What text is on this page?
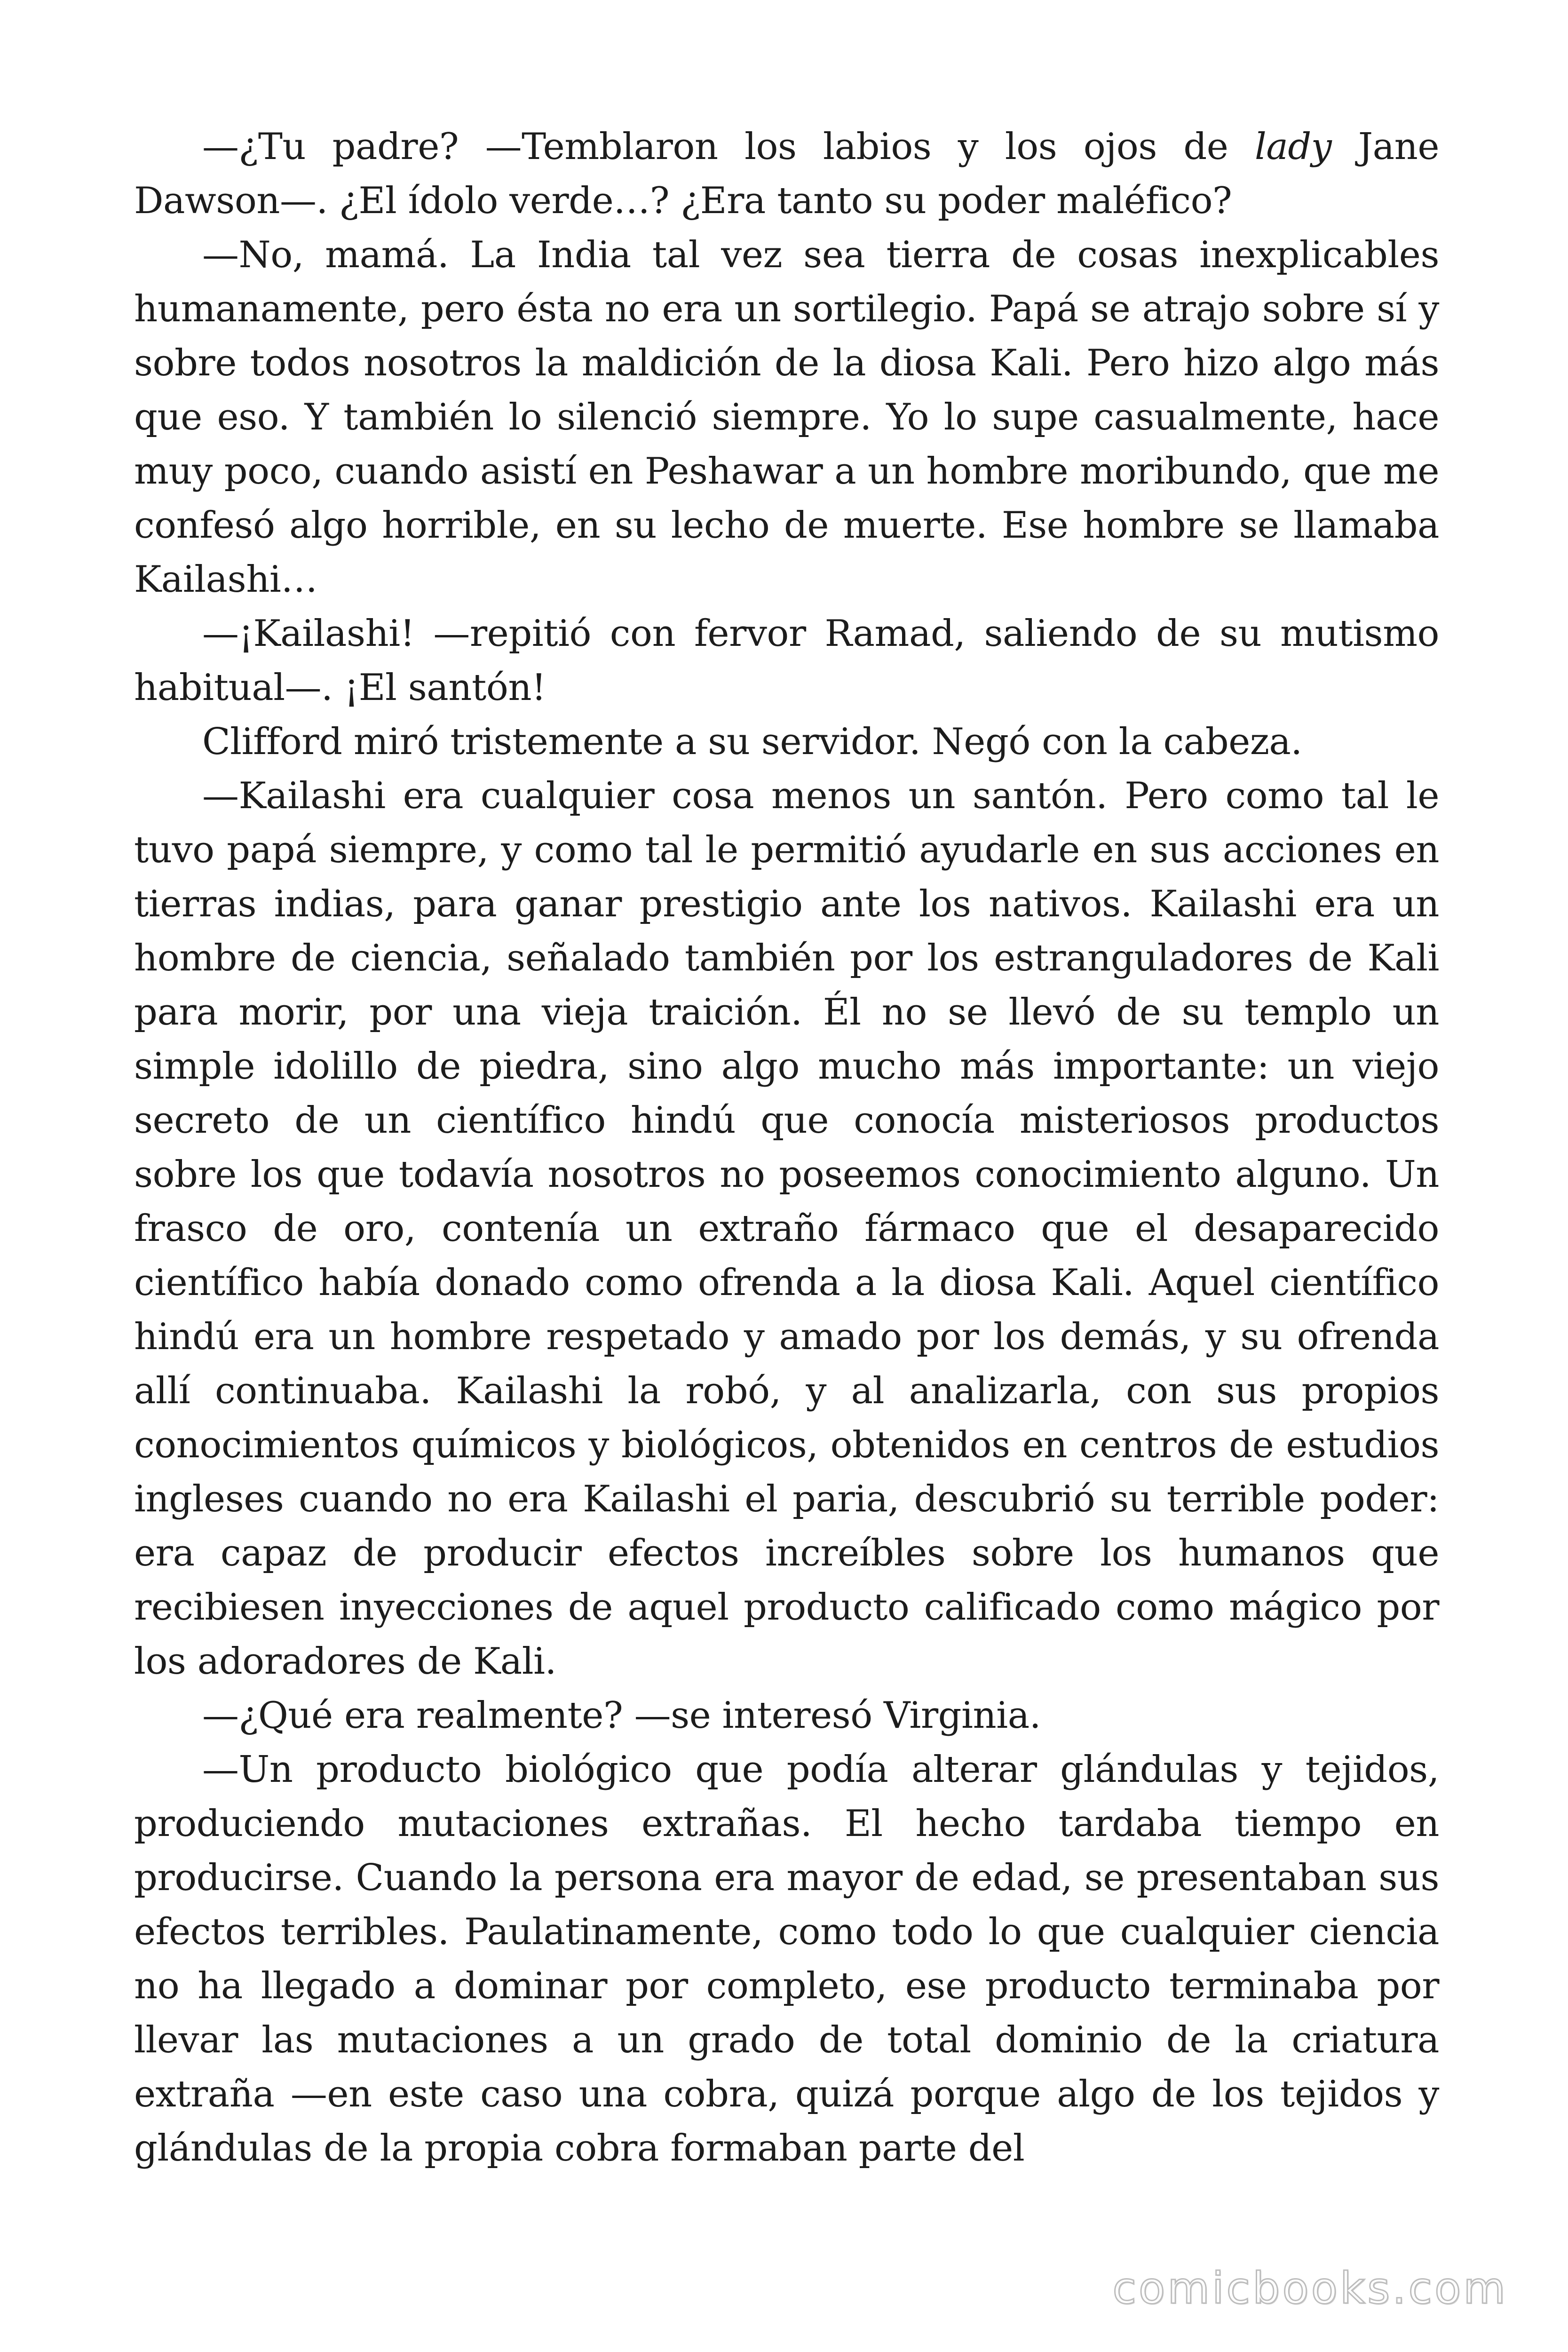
—¿Tu padre? —Temblaron los labios y los ojos de lady Jane Dawson—. ¿El ídolo verde…? ¿Era tanto su poder maléfico?

—No, mamá. La India tal vez sea tierra de cosas inexplicables humanamente, pero ésta no era un sortilegio. Papá se atrajo sobre sí y sobre todos nosotros la maldición de la diosa Kali. Pero hizo algo más que eso. Y también lo silenció siempre. Yo lo supe casualmente, hace muy poco, cuando asistí en Peshawar a un hombre moribundo, que me confesó algo horrible, en su lecho de muerte. Ese hombre se llamaba Kailashi…

—¡Kailashi! —repitió con fervor Ramad, saliendo de su mutismo habitual—. ¡El santón!

Clifford miró tristemente a su servidor. Negó con la cabeza.

—Kailashi era cualquier cosa menos un santón. Pero como tal le tuvo papá siempre, y como tal le permitió ayudarle en sus acciones en tierras indias, para ganar prestigio ante los nativos. Kailashi era un hombre de ciencia, señalado también por los estranguladores de Kali para morir, por una vieja traición. Él no se llevó de su templo un simple idolillo de piedra, sino algo mucho más importante: un viejo secreto de un científico hindú que conocía misteriosos productos sobre los que todavía nosotros no poseemos conocimiento alguno. Un frasco de oro, contenía un extraño fármaco que el desaparecido científico había donado como ofrenda a la diosa Kali. Aquel científico hindú era un hombre respetado y amado por los demás, y su ofrenda allí continuaba. Kailashi la robó, y al analizarla, con sus propios conocimientos químicos y biológicos, obtenidos en centros de estudios ingleses cuando no era Kailashi el paria, descubrió su terrible poder: era capaz de producir efectos increíbles sobre los humanos que recibiesen inyecciones de aquel producto calificado como mágico por los adoradores de Kali.

—¿Qué era realmente? —se interesó Virginia.

—Un producto biológico que podía alterar glándulas y tejidos, produciendo mutaciones extrañas. El hecho tardaba tiempo en producirse. Cuando la persona era mayor de edad, se presentaban sus efectos terribles. Paulatinamente, como todo lo que cualquier ciencia no ha llegado a dominar por completo, ese producto terminaba por llevar las mutaciones a un grado de total dominio de la criatura extraña —en este caso una cobra, quizá porque algo de los tejidos y glándulas de la propia cobra formaban parte del

comicbooks.com
